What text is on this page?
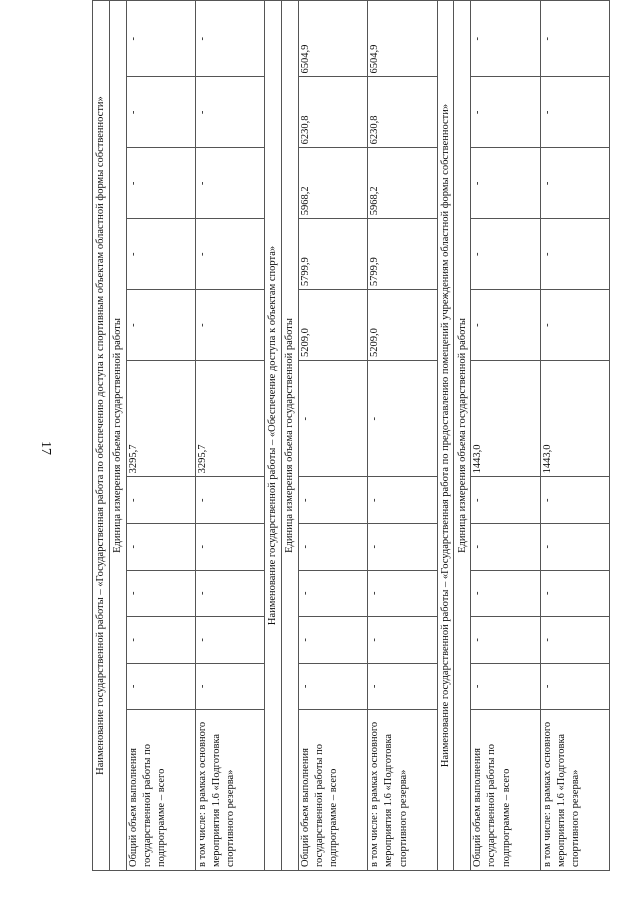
17	Наименование государственной работы – «Государственная работа по обеспечению доступа к спортивным объектам областной формы собственности»											
Единица измерения объема государственной работы											
Общий объем выполнения государственной работы по подпрограмме – всего	-	-	-	-	-	3295,7	-	-	-	-	-
в том числе: в рамках основного мероприятия 1.6 «Подготовка спортивного резерва»	-	-	-	-	-	3295,7	-	-	-	-	-
Наименование государственной работы – «Обеспечение доступа к объектам спорта»											
Единица измерения объема государственной работы											
Общий объем выполнения государственной работы по подпрограмме – всего	-	-	-	-	-	-	5209,0	5799,9	5968,2	6230,8	6504,9
в том числе: в рамках основного мероприятия 1.6 «Подготовка спортивного резерва»	-	-	-	-	-	-	5209,0	5799,9	5968,2	6230,8	6504,9
Наименование государственной работы – «Государственная работа по предоставлению помещений учреждениям областной формы собственности»											
Единица измерения объема государственной работы											
Общий объем выполнения государственной работы по подпрограмме – всего	-	-	-	-	-	1443,0	-	-	-	-	-
в том числе: в рамках основного мероприятия 1.6 «Подготовка спортивного резерва»	-	-	-	-	-	1443,0	-	-	-	-	-
